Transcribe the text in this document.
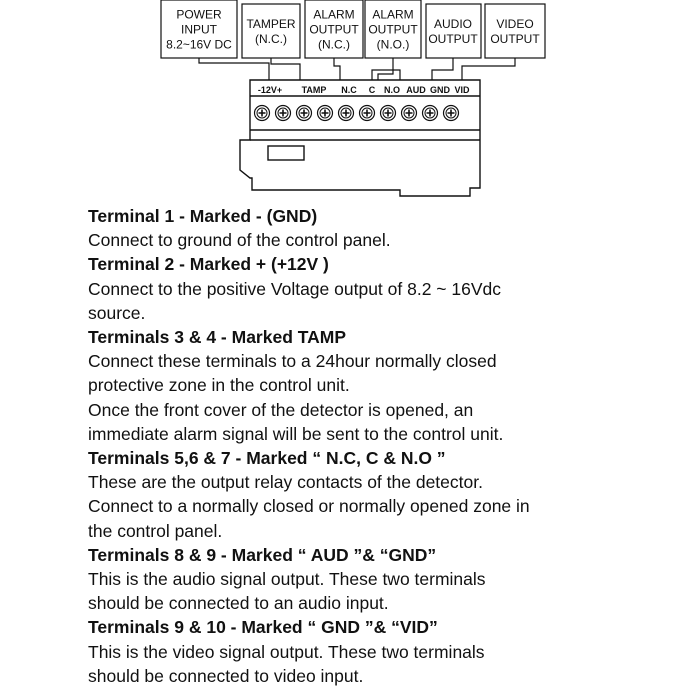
POWER
INPUT
8.2~16V DC
TAMPER
(N.C.)
ALARM
OUTPUT
(N.C.)
ALARM
OUTPUT
(N.O.)
AUDIO
OUTPUT
VIDEO
OUTPUT
-12V+ TAMP N.C C N.O AUD GND VID
Terminal 1 - Marked - (GND)
Connect to ground of the control panel.
Terminal 2 - Marked + (+12V )
Connect to the positive Voltage output of 8.2 ~ 16Vdc
source.
Terminals 3 & 4 - Marked TAMP
Connect these terminals to a 24hour normally closed
protective zone in the control unit.
Once the front cover of the detector is opened, an
immediate alarm signal will be sent to the control unit.
Terminals 5,6 & 7 - Marked “ N.C, C & N.O ”
These are the output relay contacts of the detector.
Connect to a normally closed or normally opened zone in
the control panel.
Terminals 8 & 9 - Marked “ AUD ”& “GND”
This is the audio signal output. These two terminals
should be connected to an audio input.
Terminals 9 & 10 - Marked “ GND ”& “VID”
This is the video signal output. These two terminals
should be connected to video input.
